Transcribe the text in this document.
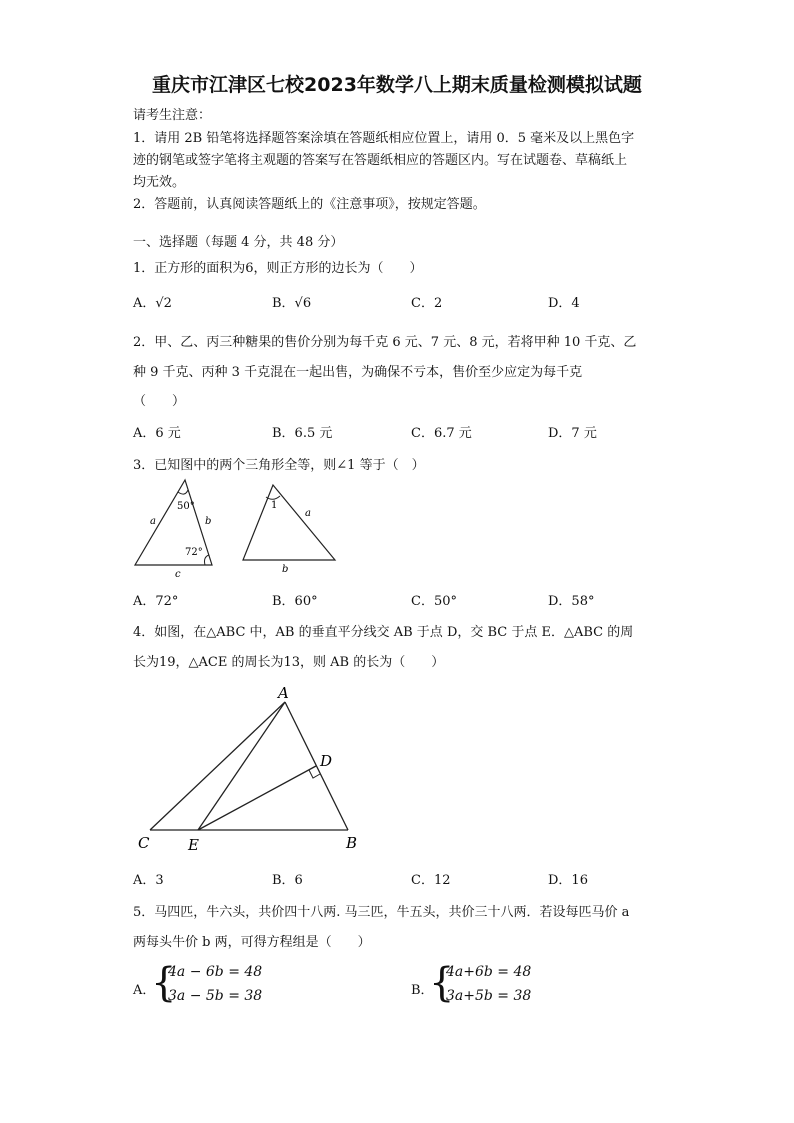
重庆市江津区七校2023年数学八上期末质量检测模拟试题
请考生注意：
1．请用 2B 铅笔将选择题答案涂填在答题纸相应位置上，请用 0．5 毫米及以上黑色字
迹的钢笔或签字笔将主观题的答案写在答题纸相应的答题区内。写在试题卷、草稿纸上
均无效。
2．答题前，认真阅读答题纸上的《注意事项》，按规定答题。
一、选择题（每题 4 分，共 48 分）
1．正方形的面积为6，则正方形的边长为（　　）
A．√2	B．√6	C．2	D．4
2．甲、乙、丙三种糖果的售价分别为每千克 6 元、7 元、8 元，若将甲种 10 千克、乙
种 9 千克、丙种 3 千克混在一起出售，为确保不亏本，售价至少应定为每千克
（　　）
A．6 元	B．6.5 元	C．6.7 元	D．7 元
3．已知图中的两个三角形全等，则∠1 等于（　）
50°
72°
a	b
c
1
a
b
A．72°	B．60°	C．50°	D．58°
4．如图，在△ABC 中，AB 的垂直平分线交 AB 于点 D，交 BC 于点 E．△ABC 的周
长为19，△ACE 的周长为13，则 AB 的长为（　　）
A
D
C	E	B
A．3	B．6	C．12	D．16
5．马四匹，牛六头，共价四十八两. 马三匹，牛五头，共价三十八两．若设每匹马价 a
两每头牛价 b 两，可得方程组是（　　）
A．
{
4a − 6b = 48
3a − 5b = 38	B．
{
4a+6b = 48
3a+5b = 38
